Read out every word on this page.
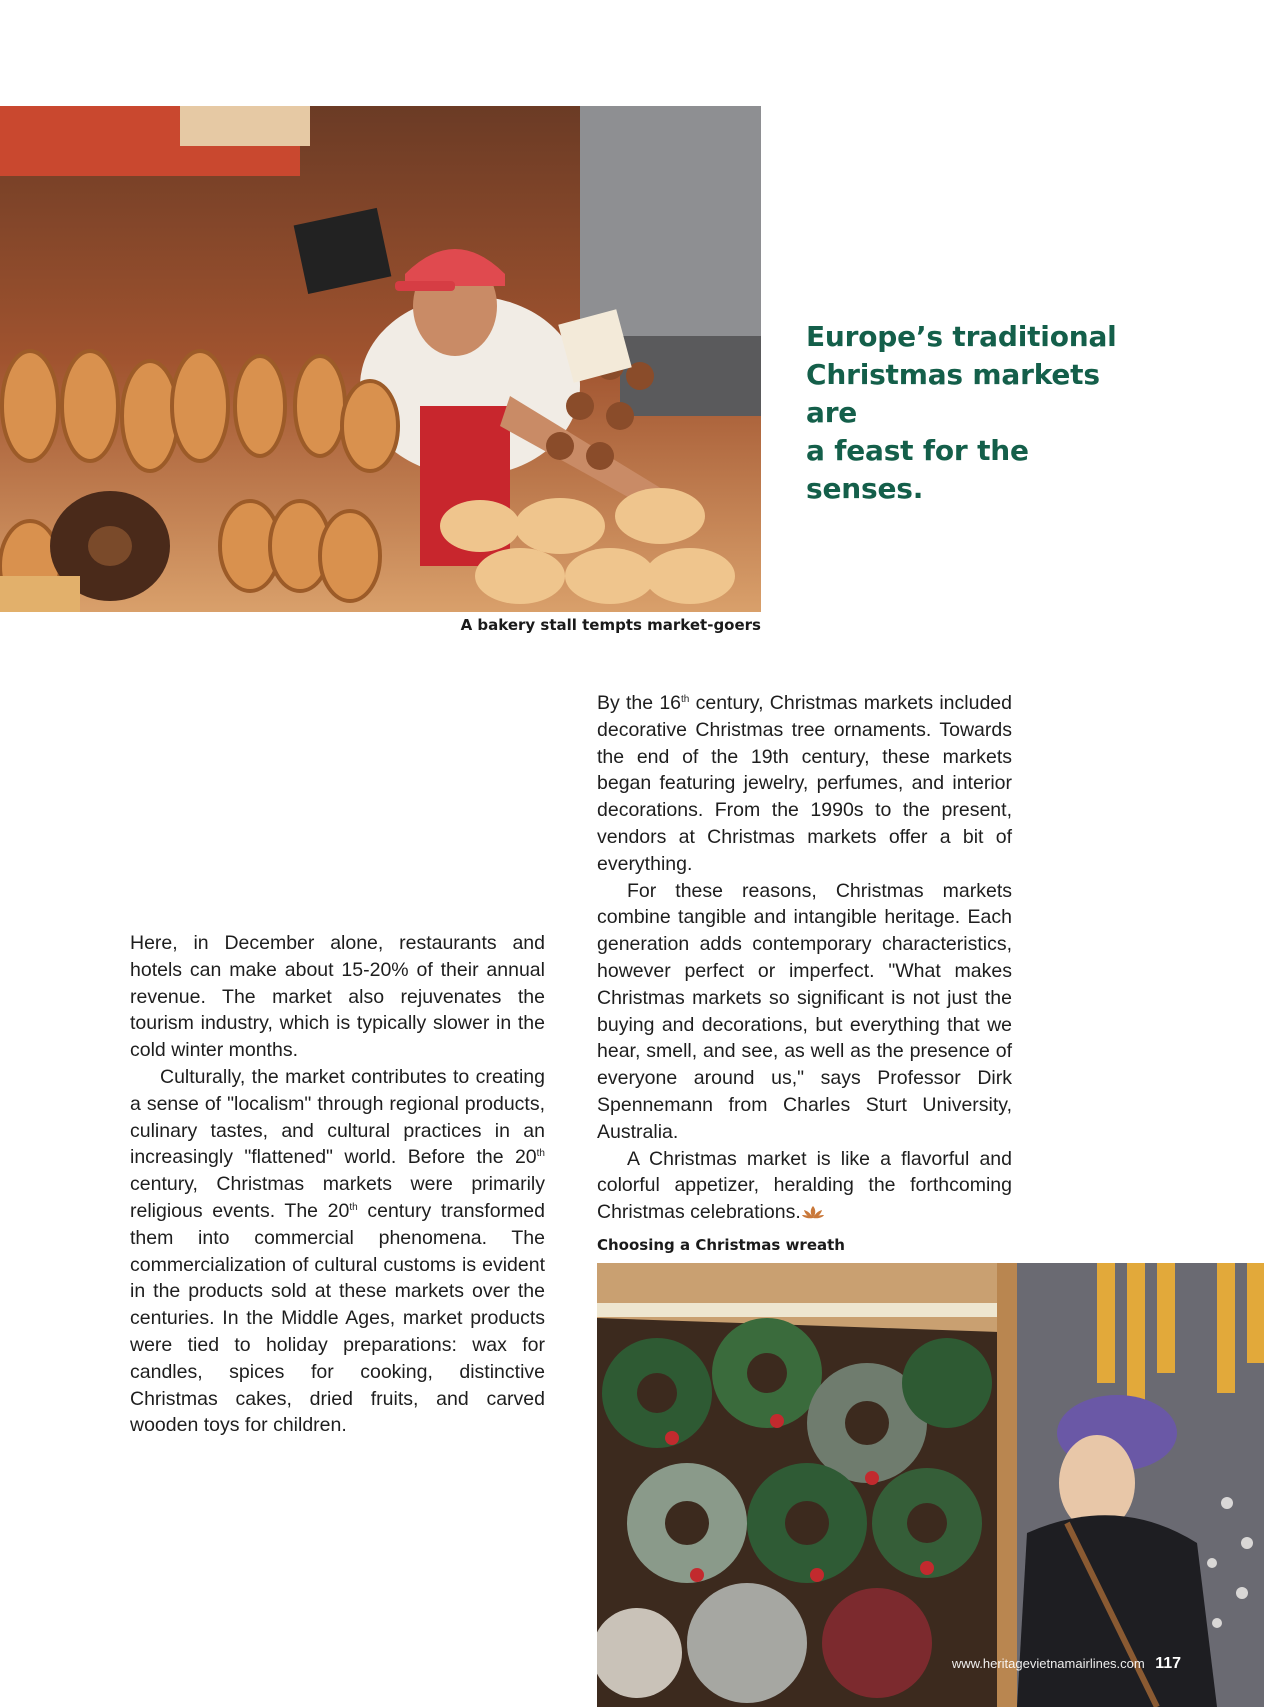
A bakery stall tempts market-goers
Europe’s traditional
Christmas markets are
a feast for the senses.

Here, in December alone, restaurants and hotels can make about 15-20% of their annual revenue. The market also rejuvenates the tourism industry, which is typically slower in the cold winter months.

Culturally, the market contributes to creating a sense of "localism" through regional products, culinary tastes, and cultural practices in an increasingly "flattened" world. Before the 20th century, Christmas markets were primarily religious events. The 20th century transformed them into commercial phenomena. The commercialization of cultural customs is evident in the products sold at these markets over the centuries. In the Middle Ages, market products were tied to holiday preparations: wax for candles, spices for cooking, distinctive Christmas cakes, dried fruits, and carved wooden toys for children.

By the 16th century, Christmas markets included decorative Christmas tree ornaments. Towards the end of the 19th century, these markets began featuring jewelry, perfumes, and interior decorations. From the 1990s to the present, vendors at Christmas markets offer a bit of everything.

For these reasons, Christmas markets combine tangible and intangible heritage. Each generation adds contemporary characteristics, however perfect or imperfect. "What makes Christmas markets so significant is not just the buying and decorations, but everything that we hear, smell, and see, as well as the presence of everyone around us," says Professor Dirk Spennemann from Charles Sturt University, Australia.

A Christmas market is like a flavorful and colorful appetizer, heralding the forthcoming Christmas celebrations.

Choosing a Christmas wreath
www.heritagevietnamairlines.com 117
